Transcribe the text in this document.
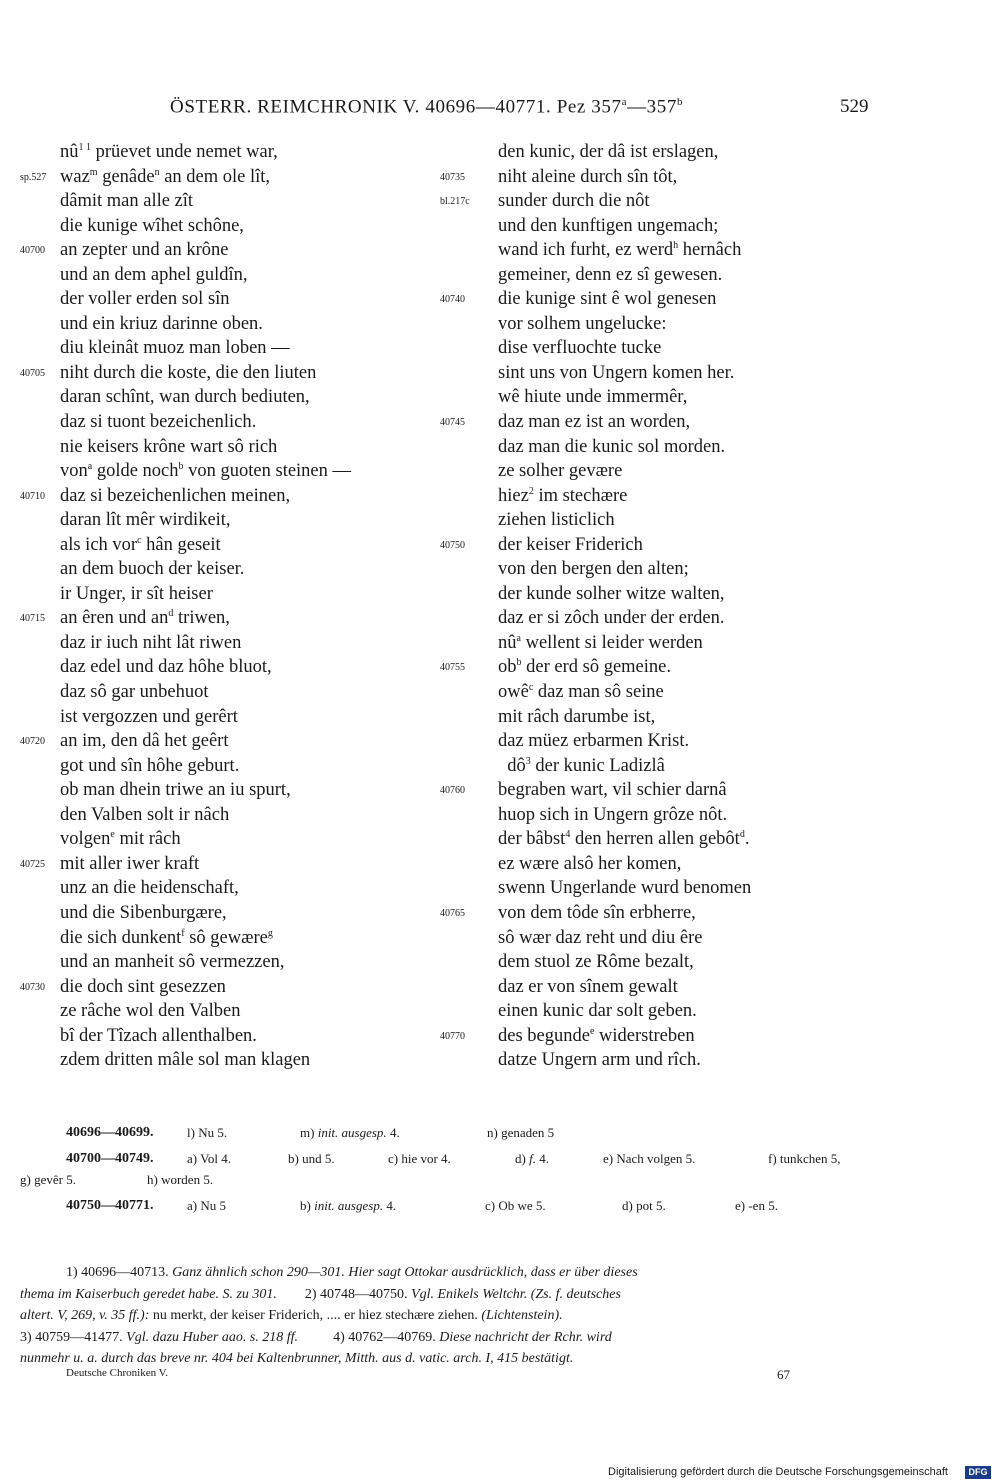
ÖSTERR. REIMCHRONIK V. 40696—40771. Pez 357$^a$—357$^b$	529
$nû^{1 1}$ prüevet unde nemet war,
sp.527 waz$^m$ genâde$^n$ an dem ole lît,
dâmit man alle zît
die kunige wîhet schône,
40700 an zepter und an krône
und an dem aphel guldîn,
der voller erden sol sîn
und ein kriuz darinne oben.
diu kleinât muoz man loben —
40705 niht durch die koste, die den liuten
daran schînt, wan durch bediuten,
daz si tuont bezeichenlich.
nie keisers krône wart sô rich
von$^a$ golde noch$^b$ von guoten steinen —
40710 daz si bezeichenlichen meinen,
daran lît mêr wirdikeit,
als ich vor$^c$ hân geseit
an dem buoch der keiser.
ir Unger, ir sît heiser
40715 an êren und $an^d$ triwen,
daz ir iuch niht lât riwen
daz edel und daz hôhe bluot,
daz sô gar unbehuot
ist vergozzen und gerêrt
40720 an im, den dâ het geêrt
got und sîn hôhe geburt.
ob man dhein triwe an iu spurt,
den Valben solt ir nâch
volgen$^e$ mit râch
40725 mit aller iwer kraft
unz an die heidenschaft,
und die Sibenburgære,
die sich dunkent$^f$ sô gewære$^g$
und an manheit sô vermezzen,
40730 die doch sint gesezzen
ze râche wol den Valben
bî der Tîzach allenthalben.
zdem dritten mâle sol man klagen
den kunic, der dâ ist erslagen,
40735	niht aleine durch sîn tôt,
bl.217c	sunder durch die nôt
und den kunftigen ungemach;
wand ich furht, ez werd$^h$ hernâch
gemeiner, denn ez sî gewesen.
40740	die kunige sint ê wol genesen
vor solhem ungelucke:
dise verfluochte tucke
sint uns von Ungern komen her.
wê hiute unde immermêr,
40745	daz man ez ist an worden,
daz man die kunic sol morden.
ze solher gevære
hiez$^2$ im stechære
ziehen listiclich
40750	der keiser Friderich
von den bergen den alten;
der kunde solher witze walten,
daz er si zôch under der erden.
$nû^a$ wellent si leider werden
40755	$ob^b$ der erd sô gemeine.
owê$^c$ daz man sô seine
mit râch darumbe ist,
daz müez erbarmen Krist.
$dô^3$ der kunic Ladizlâ
40760	begraben wart, vil schier darnâ
huop sich in Ungern grôze nôt.
der bâbst$^4$ den herren allen gebôt$^d$.
ez wære alsô her komen,
swenn Ungerlande wurd benomen
40765	von dem tôde sîn erbherre,
sô wær daz reht und diu êre
dem stuol ze Rôme bezalt,
daz er von sînem gewalt
einen kunic dar solt geben.
40770	des begunde$^e$ widerstreben
datze Ungern arm und rîch.
40696—40699.	l) Nu 5.	m) init. ausgesp. 4.	n) genaden 5
40700—40749.	a) Vol 4.	b) und 5.	c) hie vor 4.	d) f. 4.	e) Nach volgen 5.	f) tunkchen 5,
g) gevêr 5.	h) worden 5.
40750—40771.	a) Nu 5	b) init. ausgesp. 4.	c) Ob we 5.	d) pot 5.	e) -en 5.
1) 40696—40713. Ganz ähnlich schon 290—301. Hier sagt Ottokar ausdrücklich, dass er über dieses
thema im Kaiserbuch geredet habe. S. zu 301.        2) 40748—40750. Vgl. Enikels Weltchr. (Zs. f. deutsches
altert. V, 269, v. 35 ff.): nu merkt, der keiser Friderich, .... er hiez stechære ziehen. (Lichtenstein).
3) 40759—41477. Vgl. dazu Huber aao. s. 218 ff.          4) 40762—40769. Diese nachricht der Rchr. wird
nunmehr u. a. durch das breve nr. 404 bei Kaltenbrunner, Mitth. aus d. vatic. arch. I, 415 bestätigt.
Deutsche Chroniken V.	67
Digitalisierung gefördert durch die Deutsche Forschungsgemeinschaft	DFG
